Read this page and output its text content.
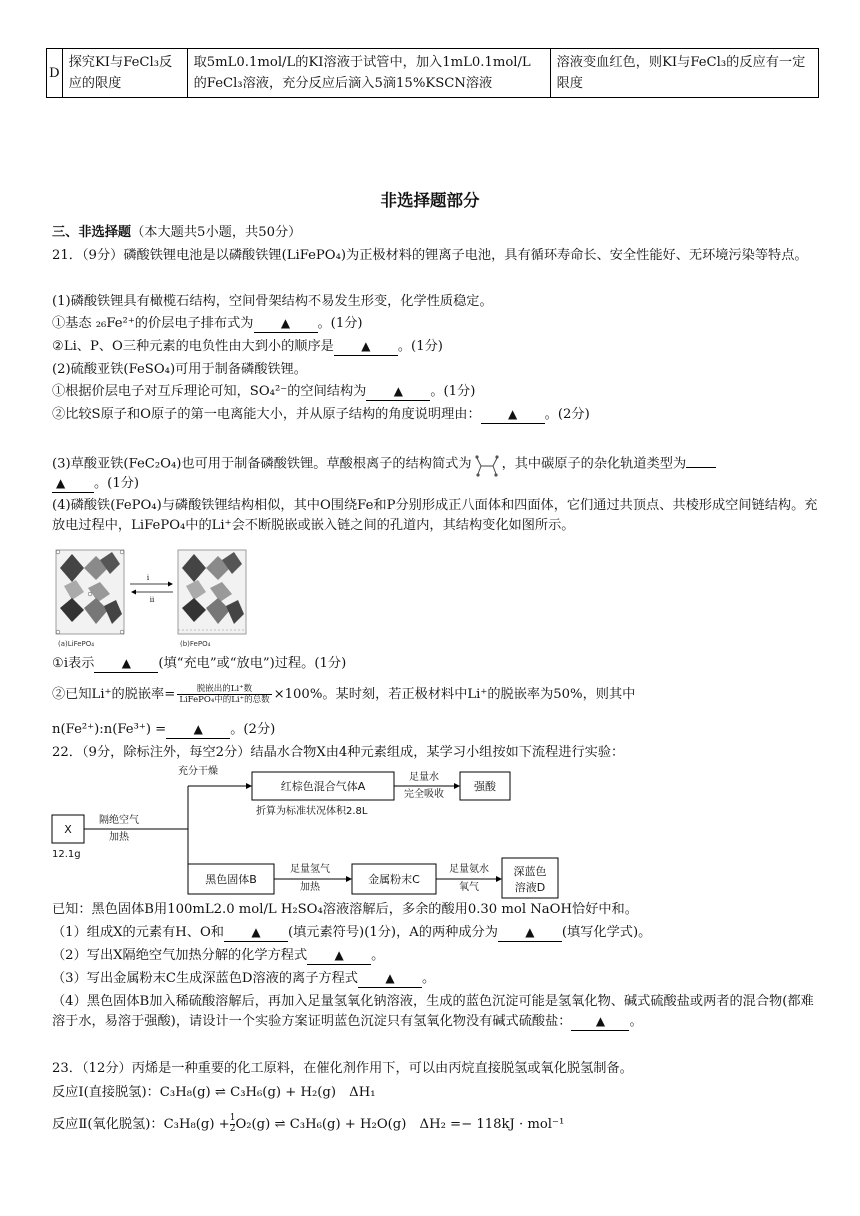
D	探究KI与FeCl₃反应的限度	取5mL0.1mol/L的KI溶液于试管中，加入1mL0.1mol/L的FeCl₃溶液，充分反应后滴入5滴15%KSCN溶液	溶液变血红色，则KI与FeCl₃的反应有一定限度
非选择题部分
三、非选择题（本大题共5小题，共50分）
21．（9分）磷酸铁锂电池是以磷酸铁锂(LiFePO₄)为正极材料的锂离子电池，具有循环寿命长、安全性能好、无环境污染等特点。
(1)磷酸铁锂具有橄榄石结构，空间骨架结构不易发生形变，化学性质稳定。
①基态 ₂₆Fe²⁺的价层电子排布式为 ▲ 。(1分)
②Li、P、O三种元素的电负性由大到小的顺序是 ▲ 。(1分)
(2)硫酸亚铁(FeSO₄)可用于制备磷酸铁锂。
①根据价层电子对互斥理论可知，SO₄²⁻的空间结构为 ▲ 。(1分)
②比较S原子和O原子的第一电离能大小，并从原子结构的角度说明理由： ▲ 。(2分)
(3)草酸亚铁(FeC₂O₄)也可用于制备磷酸铁锂。草酸根离子的结构简式为 ，其中碳原子的杂化轨道类型为
▲ 。(1分)
(4)磷酸铁(FePO₄)与磷酸铁锂结构相似，其中O围绕Fe和P分别形成正八面体和四面体，它们通过共顶点、共棱形成空间链结构。充放电过程中，LiFePO₄中的Li⁺会不断脱嵌或嵌入链之间的孔道内，其结构变化如图所示。
i
ii
(a)LiFePO₄	(b)FePO₄
①i表示 ▲ (填“充电”或“放电”)过程。(1分)
②已知Li⁺的脱嵌率= $\frac{\text{脱嵌出的Li⁺数}}{\text{LiFePO₄中的Li⁺的总数}} \times 100\%$。某时刻，若正极材料中Li⁺的脱嵌率为50%，则其中
n(Fe²⁺):n(Fe³⁺) = ▲ 。(2分)
22．（9分，除标注外，每空2分）结晶水合物X由4种元素组成，某学习小组按如下流程进行实验：
X
12.1g
隔绝空气
加热
充分干燥
红棕色混合气体A
折算为标准状况体积2.8L
足量水
完全吸收
强酸
黑色固体B
足量氢气
加热
金属粉末C
足量氨水
氧气
深蓝色
溶液D
已知：黑色固体B用100mL2.0 mol/L H₂SO₄溶液溶解后，多余的酸用0.30 mol NaOH恰好中和。
（1）组成X的元素有H、O和 ▲ (填元素符号)(1分)，A的两种成分为 ▲ (填写化学式)。
（2）写出X隔绝空气加热分解的化学方程式 ▲ 。
（3）写出金属粉末C生成深蓝色D溶液的离子方程式 ▲ 。
（4）黑色固体B加入稀硫酸溶解后，再加入足量氢氧化钠溶液，生成的蓝色沉淀可能是氢氧化物、碱式硫酸盐或两者的混合物(都难溶于水，易溶于强酸)，请设计一个实验方案证明蓝色沉淀只有氢氧化物没有碱式硫酸盐： ▲ 。
23．（12分）丙烯是一种重要的化工原料，在催化剂作用下，可以由丙烷直接脱氢或氧化脱氢制备。
反应Ⅰ(直接脱氢)：C₃H₈(g) ⇌ C₃H₆(g) + H₂(g)　ΔH₁
反应Ⅱ(氧化脱氢)：$C_3H_8(g) + \frac{1}{2}O_2(g)$ ⇌ C₃H₆(g) + H₂O(g)　ΔH₂ =− 118kJ · mol⁻¹
